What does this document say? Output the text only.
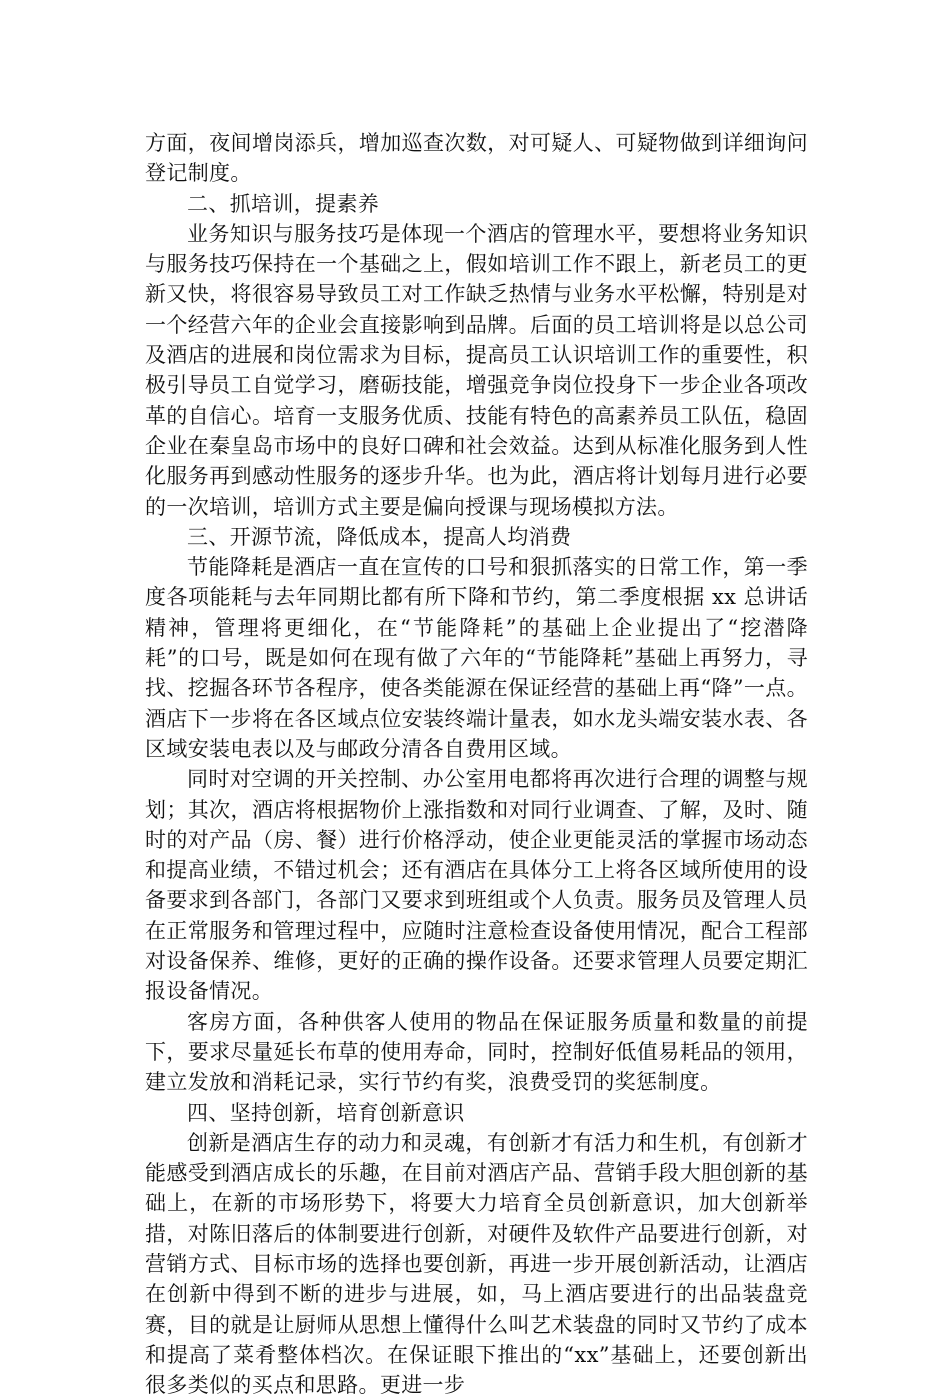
方面，夜间增岗添兵，增加巡查次数，对可疑人、可疑物做到详细询问登记制度。

二、抓培训，提素养

业务知识与服务技巧是体现一个酒店的管理水平，要想将业务知识与服务技巧保持在一个基础之上，假如培训工作不跟上，新老员工的更新又快，将很容易导致员工对工作缺乏热情与业务水平松懈，特别是对一个经营六年的企业会直接影响到品牌。后面的员工培训将是以总公司及酒店的进展和岗位需求为目标，提高员工认识培训工作的重要性，积极引导员工自觉学习，磨砺技能，增强竞争岗位投身下一步企业各项改革的自信心。培育一支服务优质、技能有特色的高素养员工队伍，稳固企业在秦皇岛市场中的良好口碑和社会效益。达到从标准化服务到人性化服务再到感动性服务的逐步升华。也为此，酒店将计划每月进行必要的一次培训，培训方式主要是偏向授课与现场模拟方法。

三、开源节流，降低成本，提高人均消费

节能降耗是酒店一直在宣传的口号和狠抓落实的日常工作，第一季度各项能耗与去年同期比都有所下降和节约，第二季度根据 xx 总讲话精神，管理将更细化，在“节能降耗”的基础上企业提出了“挖潜降耗”的口号，既是如何在现有做了六年的“节能降耗”基础上再努力，寻找、挖掘各环节各程序，使各类能源在保证经营的基础上再“降”一点。酒店下一步将在各区域点位安装终端计量表，如水龙头端安装水表、各区域安装电表以及与邮政分清各自费用区域。

同时对空调的开关控制、办公室用电都将再次进行合理的调整与规划；其次，酒店将根据物价上涨指数和对同行业调查、了解，及时、随时的对产品（房、餐）进行价格浮动，使企业更能灵活的掌握市场动态和提高业绩，不错过机会；还有酒店在具体分工上将各区域所使用的设备要求到各部门，各部门又要求到班组或个人负责。服务员及管理人员在正常服务和管理过程中，应随时注意检查设备使用情况，配合工程部对设备保养、维修，更好的正确的操作设备。还要求管理人员要定期汇报设备情况。

客房方面，各种供客人使用的物品在保证服务质量和数量的前提下，要求尽量延长布草的使用寿命，同时，控制好低值易耗品的领用，建立发放和消耗记录，实行节约有奖，浪费受罚的奖惩制度。

四、坚持创新，培育创新意识

创新是酒店生存的动力和灵魂，有创新才有活力和生机，有创新才能感受到酒店成长的乐趣，在目前对酒店产品、营销手段大胆创新的基础上，在新的市场形势下，将要大力培育全员创新意识，加大创新举措，对陈旧落后的体制要进行创新，对硬件及软件产品要进行创新，对营销方式、目标市场的选择也要创新，再进一步开展创新活动，让酒店在创新中得到不断的进步与进展，如，马上酒店要进行的出品装盘竞赛，目的就是让厨师从思想上懂得什么叫艺术装盘的同时又节约了成本和提高了菜肴整体档次。在保证眼下推出的“xx”基础上，还要创新出很多类似的买点和思路。更进一步
